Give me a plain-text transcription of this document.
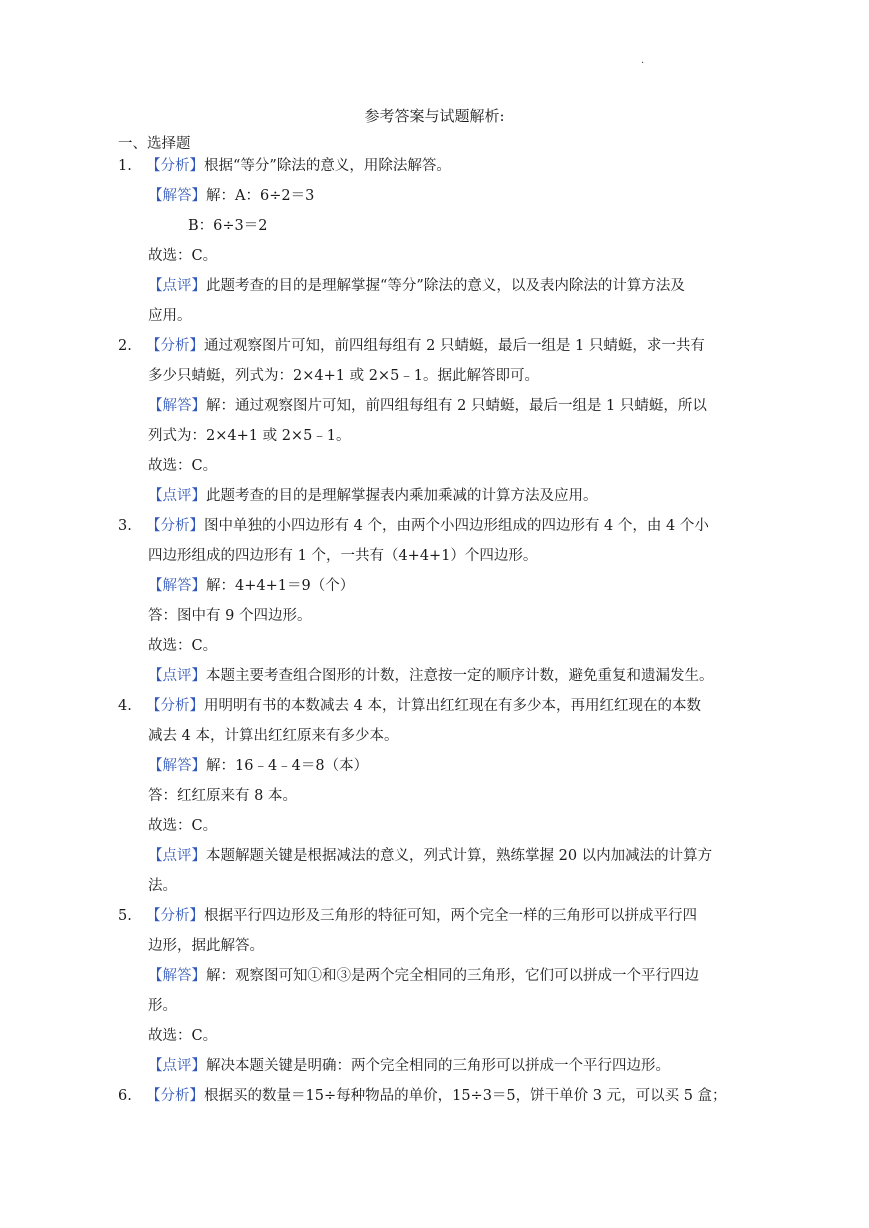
.
参考答案与试题解析:
一、选择题
1. 【分析】根据“等分”除法的意义，用除法解答。
【解答】解：A：6÷2＝3
B：6÷3＝2
故选：C。
【点评】此题考查的目的是理解掌握“等分”除法的意义，以及表内除法的计算方法及
应用。
2. 【分析】通过观察图片可知，前四组每组有 2 只蜻蜓，最后一组是 1 只蜻蜓，求一共有
多少只蜻蜓，列式为：2×4+1 或 2×5﹣1。据此解答即可。
【解答】解：通过观察图片可知，前四组每组有 2 只蜻蜓，最后一组是 1 只蜻蜓，所以
列式为：2×4+1 或 2×5﹣1。
故选：C。
【点评】此题考查的目的是理解掌握表内乘加乘减的计算方法及应用。
3. 【分析】图中单独的小四边形有 4 个，由两个小四边形组成的四边形有 4 个，由 4 个小
四边形组成的四边形有 1 个，一共有（4+4+1）个四边形。
【解答】解：4+4+1＝9（个）
答：图中有 9 个四边形。
故选：C。
【点评】本题主要考查组合图形的计数，注意按一定的顺序计数，避免重复和遗漏发生。
4. 【分析】用明明有书的本数减去 4 本，计算出红红现在有多少本，再用红红现在的本数
减去 4 本，计算出红红原来有多少本。
【解答】解：16﹣4﹣4＝8（本）
答：红红原来有 8 本。
故选：C。
【点评】本题解题关键是根据减法的意义，列式计算，熟练掌握 20 以内加减法的计算方
法。
5. 【分析】根据平行四边形及三角形的特征可知，两个完全一样的三角形可以拼成平行四
边形，据此解答。
【解答】解：观察图可知①和③是两个完全相同的三角形，它们可以拼成一个平行四边
形。
故选：C。
【点评】解决本题关键是明确：两个完全相同的三角形可以拼成一个平行四边形。
6. 【分析】根据买的数量＝15÷每种物品的单价，15÷3＝5，饼干单价 3 元，可以买 5 盒；
